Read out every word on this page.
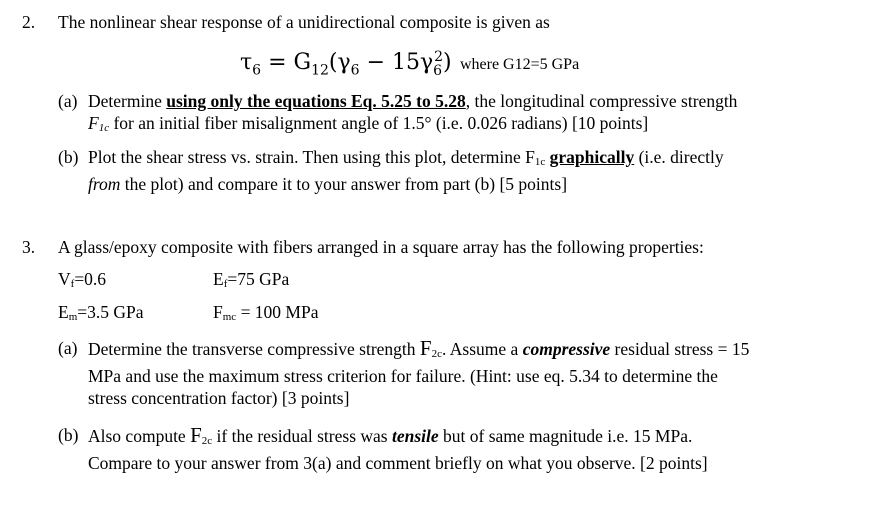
2. The nonlinear shear response of a unidirectional composite is given as
$\tau_6 = G_{12}(\gamma_6 - 15\gamma_6^2)$ where G12=5 GPa
(a) Determine using only the equations Eq. 5.25 to 5.28, the longitudinal compressive strength
F1c for an initial fiber misalignment angle of 1.5° (i.e. 0.026 radians) [10 points]
(b) Plot the shear stress vs. strain. Then using this plot, determine F1c graphically (i.e. directly
from the plot) and compare it to your answer from part (b) [5 points]
3. A glass/epoxy composite with fibers arranged in a square array has the following properties:
Vf=0.6	Ef=75 GPa
Em=3.5 GPa	Fmc = 100 MPa
(a) Determine the transverse compressive strength F2c. Assume a compressive residual stress = 15
MPa and use the maximum stress criterion for failure. (Hint: use eq. 5.34 to determine the
stress concentration factor) [3 points]
(b) Also compute F2c if the residual stress was tensile but of same magnitude i.e. 15 MPa.
Compare to your answer from 3(a) and comment briefly on what you observe. [2 points]
